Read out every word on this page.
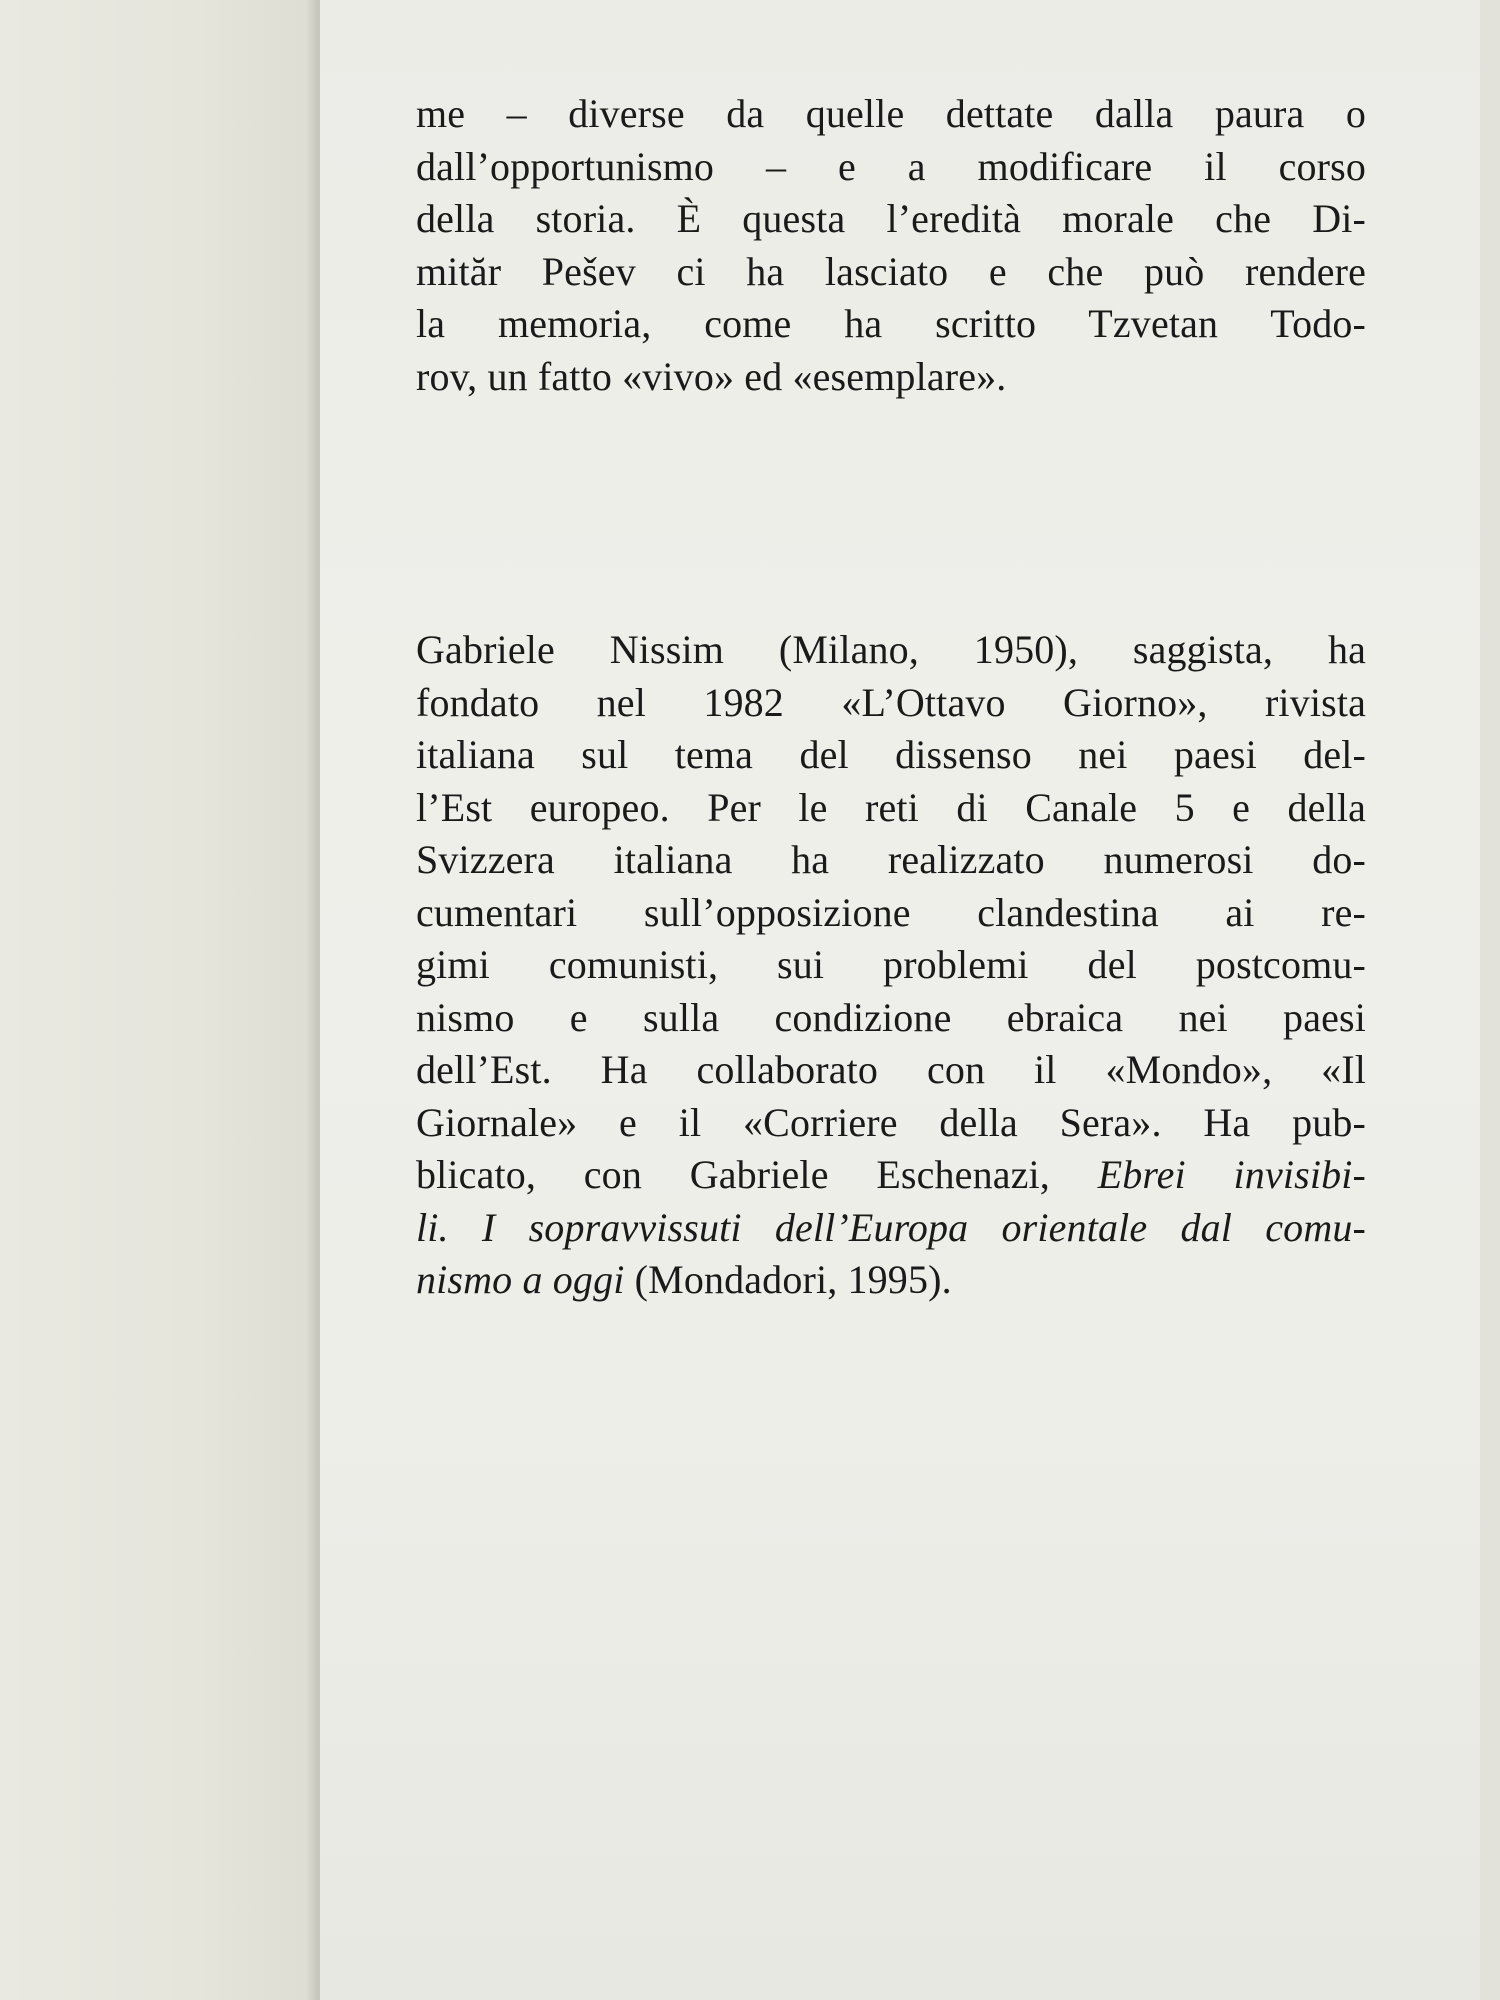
me – diverse da quelle dettate dalla paura o
dall’opportunismo – e a modificare il corso
della storia. È questa l’eredità morale che Di-
mităr Pešev ci ha lasciato e che può rendere
la memoria, come ha scritto Tzvetan Todo-
rov, un fatto «vivo» ed «esemplare».
Gabriele Nissim (Milano, 1950), saggista, ha
fondato nel 1982 «L’Ottavo Giorno», rivista
italiana sul tema del dissenso nei paesi del-
l’Est europeo. Per le reti di Canale 5 e della
Svizzera italiana ha realizzato numerosi do-
cumentari sull’opposizione clandestina ai re-
gimi comunisti, sui problemi del postcomu-
nismo e sulla condizione ebraica nei paesi
dell’Est. Ha collaborato con il «Mondo», «Il
Giornale» e il «Corriere della Sera». Ha pub-
blicato, con Gabriele Eschenazi, Ebrei invisibi-
li. I sopravvissuti dell’Europa orientale dal comu-
nismo a oggi (Mondadori, 1995).
